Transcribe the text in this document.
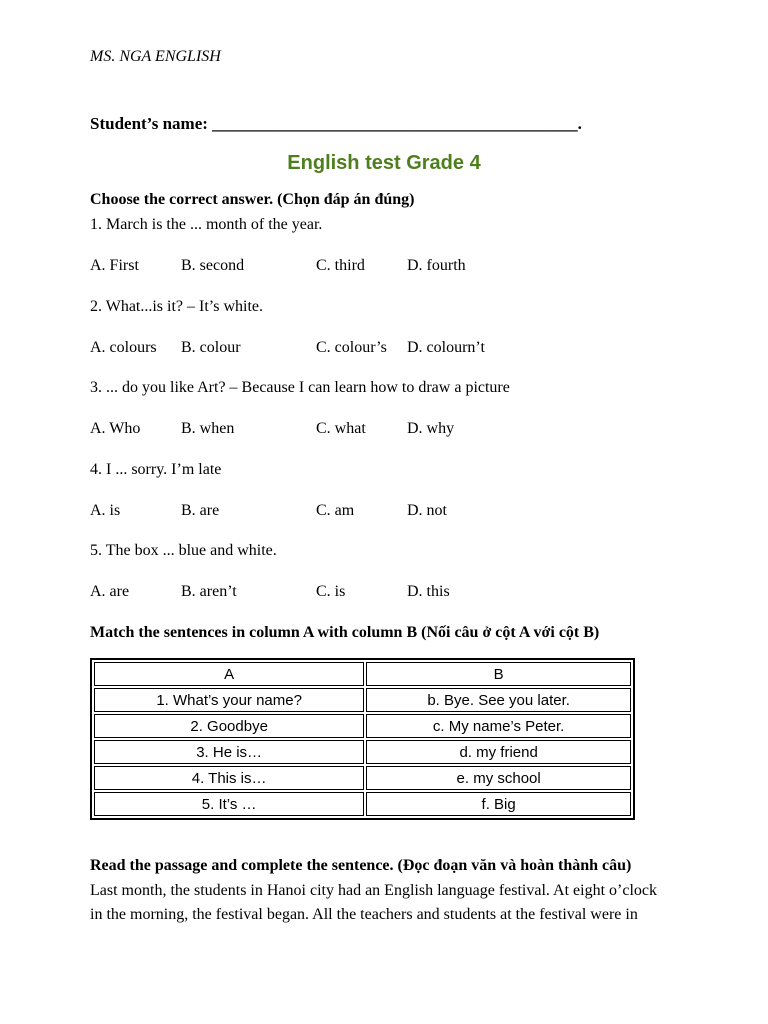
MS. NGA ENGLISH
Student’s name: ___________________________________________.
English test Grade 4
Choose the correct answer. (Chọn đáp án đúng)
1. March is the ... month of the year.
A. First	B. second	C. third	D. fourth
2. What...is it? – It’s white.
A. colours B. colour	C. colour’s D. colourn’t
3. ... do you like Art? – Because I can learn how to draw a picture
A. Who	B. when	C. what	D. why
4. I ... sorry. I’m late
A. is	B. are	C. am	D. not
5. The box ... blue and white.
A. are	B. aren’t	C. is	D. this
Match the sentences in column A with column B (Nối câu ở cột A với cột B)
A	B
1. What’s your name?	b. Bye. See you later.
2. Goodbye	c. My name’s Peter.
3. He is…	d. my friend
4. This is…	e. my school
5. It’s …	f. Big
Read the passage and complete the sentence. (Đọc đoạn văn và hoàn thành câu)
Last month, the students in Hanoi city had an English language festival. At eight o’clock
in the morning, the festival began. All the teachers and students at the festival were in
